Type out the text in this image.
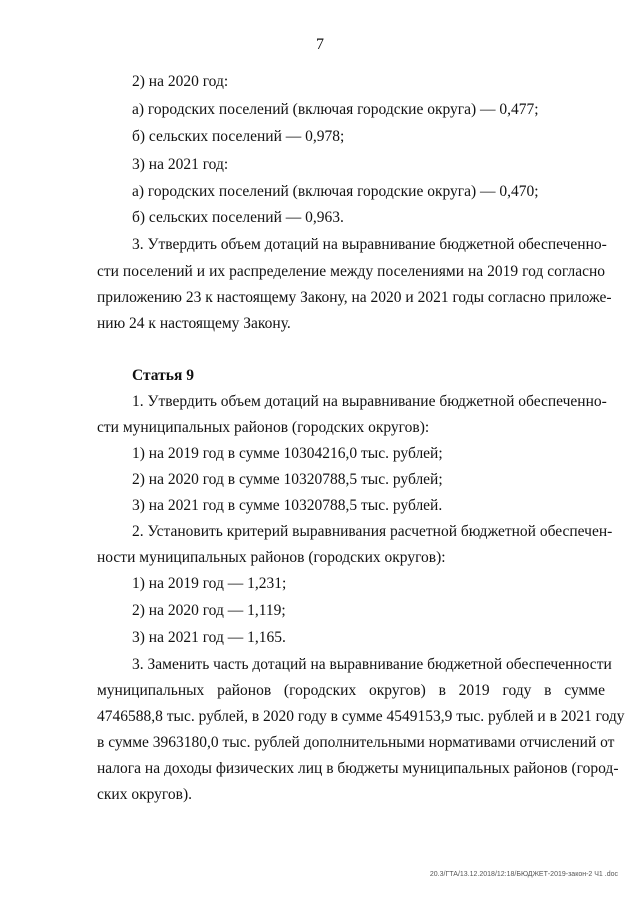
7
2) на 2020 год:
а) городских поселений (включая городские округа) — 0,477;
б) сельских поселений — 0,978;
3) на 2021 год:
а) городских поселений (включая городские округа) — 0,470;
б) сельских поселений — 0,963.
3. Утвердить объем дотаций на выравнивание бюджетной обеспеченно-
сти поселений и их распределение между поселениями на 2019 год согласно
приложению 23 к настоящему Закону, на 2020 и 2021 годы согласно приложе-
нию 24 к настоящему Закону.
Статья 9
1. Утвердить объем дотаций на выравнивание бюджетной обеспеченно-
сти муниципальных районов (городских округов):
1) на 2019 год в сумме 10304216,0 тыс. рублей;
2) на 2020 год в сумме 10320788,5 тыс. рублей;
3) на 2021 год в сумме 10320788,5 тыс. рублей.
2. Установить критерий выравнивания расчетной бюджетной обеспечен-
ности муниципальных районов (городских округов):
1) на 2019 год — 1,231;
2) на 2020 год — 1,119;
3) на 2021 год — 1,165.
3. Заменить часть дотаций на выравнивание бюджетной обеспеченности
муниципальных районов (городских округов) в 2019 году в сумме
4746588,8 тыс. рублей, в 2020 году в сумме 4549153,9 тыс. рублей и в 2021 году
в сумме 3963180,0 тыс. рублей дополнительными нормативами отчислений от
налога на доходы физических лиц в бюджеты муниципальных районов (город-
ских округов).
20.3/ГТА/13.12.2018/12:18/БЮДЖЕТ-2019-закон-2 Ч1 .doc
